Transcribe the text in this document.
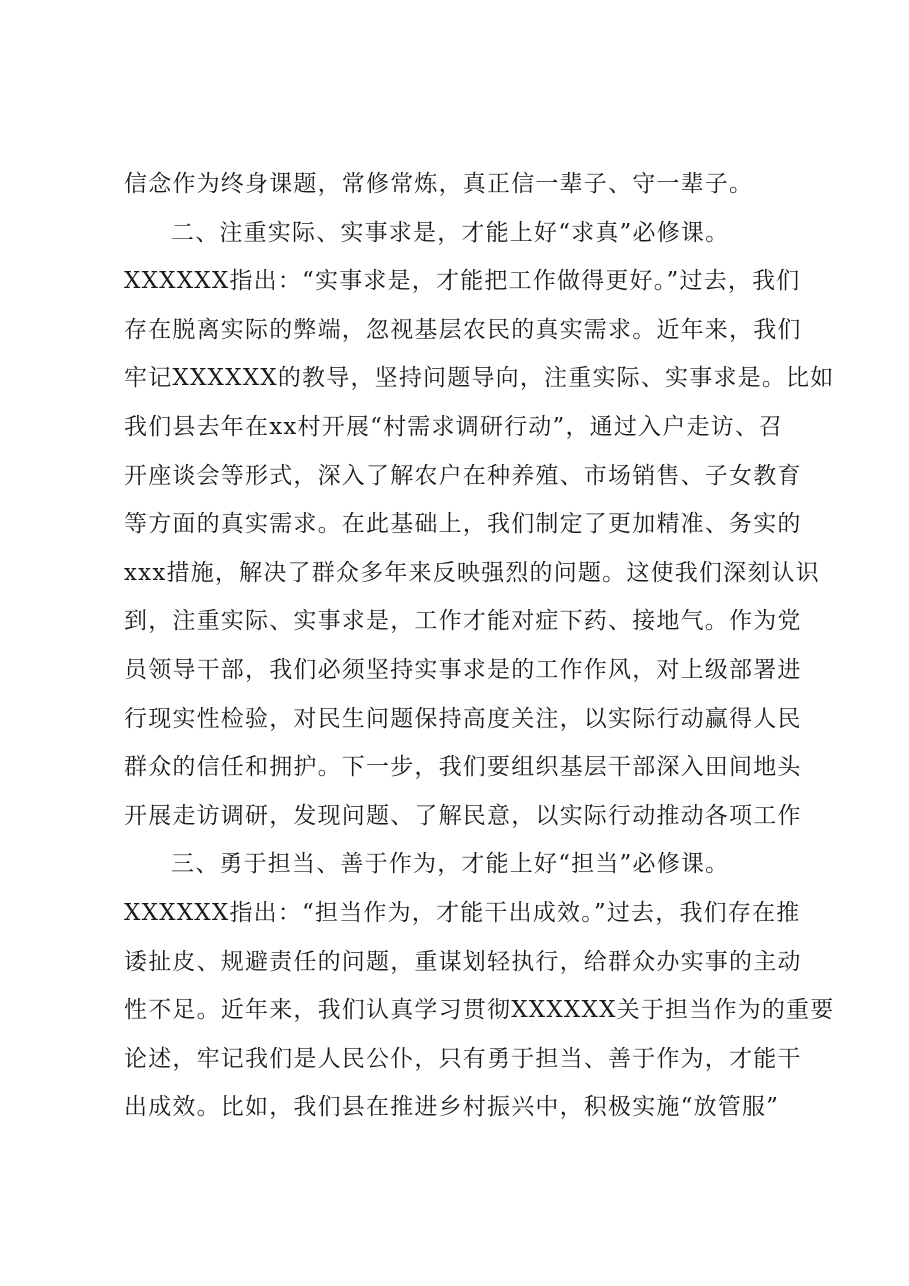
信念作为终身课题，常修常炼，真正信一辈子、守一辈子。
二、注重实际、实事求是，才能上好“求真”必修课。
XXXXXX指出：“实事求是，才能把工作做得更好。”过去，我们
存在脱离实际的弊端，忽视基层农民的真实需求。近年来，我们
牢记XXXXXX的教导，坚持问题导向，注重实际、实事求是。比如
我们县去年在xx村开展“村需求调研行动”，通过入户走访、召
开座谈会等形式，深入了解农户在种养殖、市场销售、子女教育
等方面的真实需求。在此基础上，我们制定了更加精准、务实的
xxx措施，解决了群众多年来反映强烈的问题。这使我们深刻认识
到，注重实际、实事求是，工作才能对症下药、接地气。作为党
员领导干部，我们必须坚持实事求是的工作作风，对上级部署进
行现实性检验，对民生问题保持高度关注，以实际行动赢得人民
群众的信任和拥护。下一步，我们要组织基层干部深入田间地头
开展走访调研，发现问题、了解民意，以实际行动推动各项工作
三、勇于担当、善于作为，才能上好“担当”必修课。
XXXXXX指出：“担当作为，才能干出成效。”过去，我们存在推
诿扯皮、规避责任的问题，重谋划轻执行，给群众办实事的主动
性不足。近年来，我们认真学习贯彻XXXXXX关于担当作为的重要
论述，牢记我们是人民公仆，只有勇于担当、善于作为，才能干
出成效。比如，我们县在推进乡村振兴中，积极实施“放管服”
